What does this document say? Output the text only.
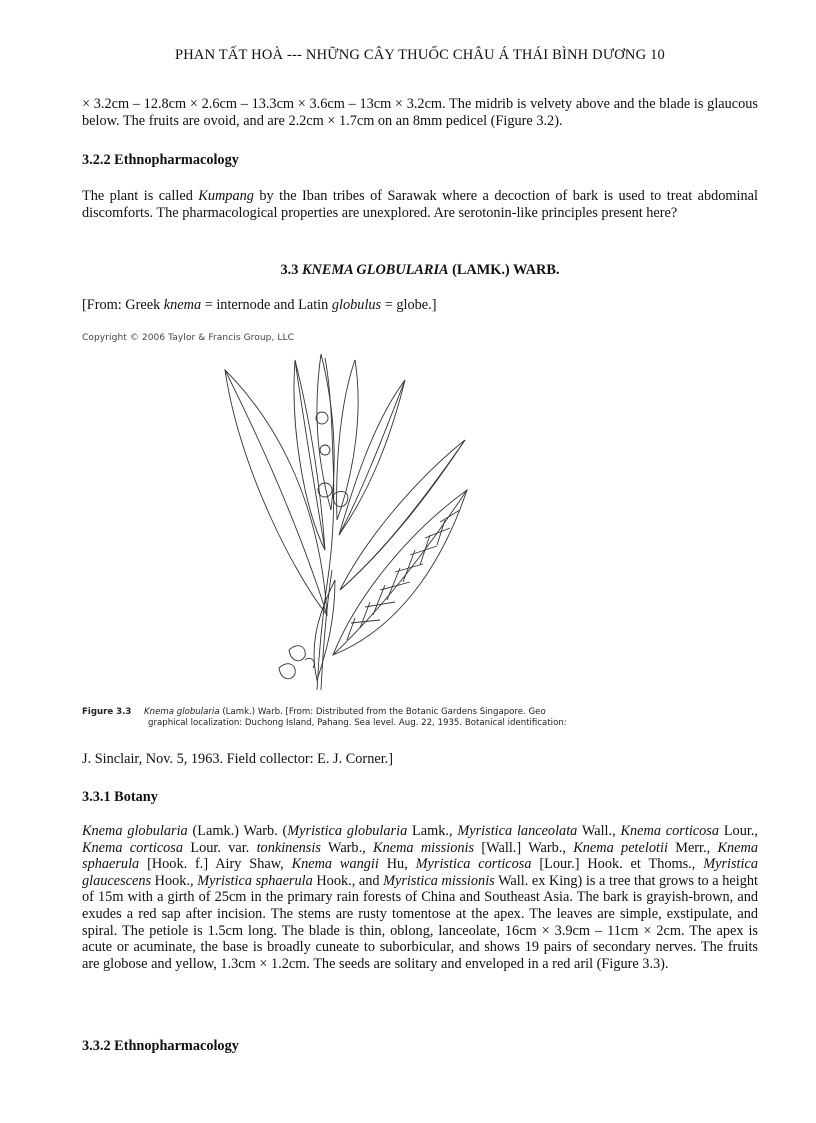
PHAN TẤT HOÀ --- NHỮNG CÂY THUỐC CHÂU Á THÁI BÌNH DƯƠNG 10

× 3.2cm – 12.8cm × 2.6cm – 13.3cm × 3.6cm – 13cm × 3.2cm. The midrib is velvety above and the blade is glaucous below. The fruits are ovoid, and are 2.2cm × 1.7cm on an 8mm pedicel (Figure 3.2).

3.2.2 Ethnopharmacology

The plant is called Kumpang by the Iban tribes of Sarawak where a decoction of bark is used to treat abdominal discomforts. The pharmacological properties are unexplored. Are serotonin-like principles present here?

3.3 KNEMA GLOBULARIA (LAMK.) WARB.

[From: Greek knema = internode and Latin globulus = globe.]

Copyright © 2006 Taylor & Francis Group, LLC
Figure 3.3 Knema globularia (Lamk.) Warb. [From: Distributed from the Botanic Gardens Singapore. Geo
graphical localization: Duchong Island, Pahang. Sea level. Aug. 22, 1935. Botanical identification:

J. Sinclair, Nov. 5, 1963. Field collector: E. J. Corner.]

3.3.1 Botany

Knema globularia (Lamk.) Warb. (Myristica globularia Lamk., Myristica lanceolata Wall., Knema corticosa Lour., Knema corticosa Lour. var. tonkinensis Warb., Knema missionis [Wall.] Warb., Knema petelotii Merr., Knema sphaerula [Hook. f.] Airy Shaw, Knema wangii Hu, Myristica corticosa [Lour.] Hook. et Thoms., Myristica glaucescens Hook., Myristica sphaerula Hook., and Myristica missionis Wall. ex King) is a tree that grows to a height of 15m with a girth of 25cm in the primary rain forests of China and Southeast Asia. The bark is grayish-brown, and exudes a red sap after incision. The stems are rusty tomentose at the apex. The leaves are simple, exstipulate, and spiral. The petiole is 1.5cm long. The blade is thin, oblong, lanceolate, 16cm × 3.9cm – 11cm × 2cm. The apex is acute or acuminate, the base is broadly cuneate to suborbicular, and shows 19 pairs of secondary nerves. The fruits are globose and yellow, 1.3cm × 1.2cm. The seeds are solitary and enveloped in a red aril (Figure 3.3).

3.3.2 Ethnopharmacology
